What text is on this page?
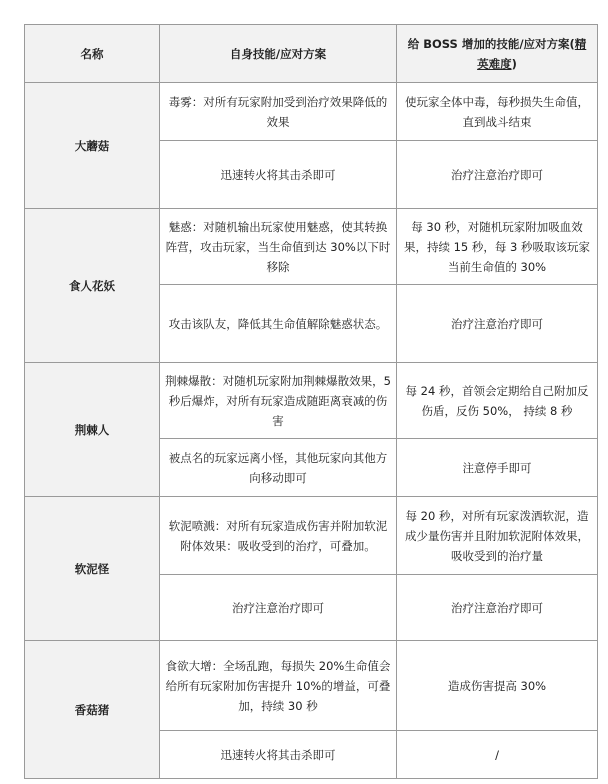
名称	自身技能/应对方案	给 BOSS 增加的技能/应对方案(精英难度)
大蘑菇	毒雾：对所有玩家附加受到治疗效果降低的效果	使玩家全体中毒，每秒损失生命值，直到战斗结束
	迅速转火将其击杀即可	治疗注意治疗即可
食人花妖	魅惑：对随机输出玩家使用魅惑，使其转换阵营，攻击玩家，当生命值到达 30%以下时移除	每 30 秒，对随机玩家附加吸血效果，持续 15 秒，每 3 秒吸取该玩家当前生命值的 30%
	攻击该队友，降低其生命值解除魅惑状态。	治疗注意治疗即可
荆棘人	荆棘爆散：对随机玩家附加荆棘爆散效果，5 秒后爆炸，对所有玩家造成随距离衰减的伤害	每 24 秒，首领会定期给自己附加反伤盾，反伤 50%， 持续 8 秒
	被点名的玩家远离小怪，其他玩家向其他方向移动即可	注意停手即可
软泥怪	软泥喷溅：对所有玩家造成伤害并附加软泥附体效果：吸收受到的治疗，可叠加。	每 20 秒，对所有玩家泼洒软泥，造成少量伤害并且附加软泥附体效果，吸收受到的治疗量
	治疗注意治疗即可	治疗注意治疗即可
香菇猪	食欲大增：全场乱跑，每损失 20%生命值会给所有玩家附加伤害提升 10%的增益，可叠加，持续 30 秒	造成伤害提高 30%
	迅速转火将其击杀即可	/
